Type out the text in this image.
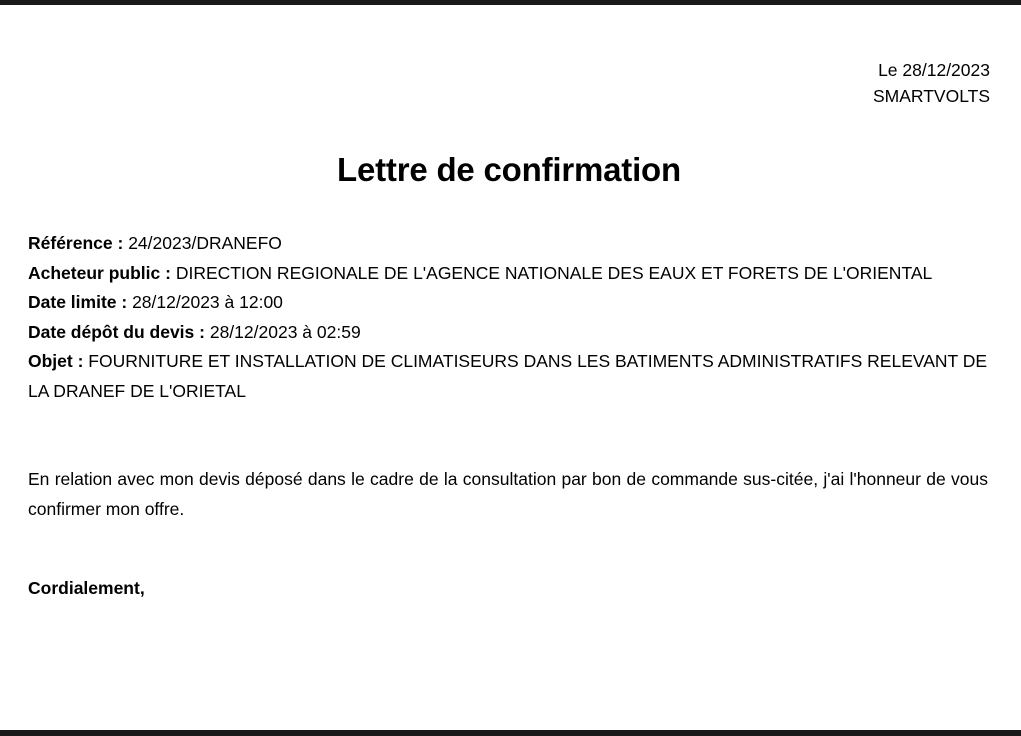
Le 28/12/2023
SMARTVOLTS
Lettre de confirmation

Référence : 24/2023/DRANEFO

Acheteur public : DIRECTION REGIONALE DE L'AGENCE NATIONALE DES EAUX ET FORETS DE L'ORIENTAL

Date limite : 28/12/2023 à 12:00

Date dépôt du devis : 28/12/2023 à 02:59

Objet : FOURNITURE ET INSTALLATION DE CLIMATISEURS DANS LES BATIMENTS ADMINISTRATIFS RELEVANT DE LA DRANEF DE L'ORIETAL

En relation avec mon devis déposé dans le cadre de la consultation par bon de commande sus-citée, j'ai l'honneur de vous confirmer mon offre.

Cordialement,
